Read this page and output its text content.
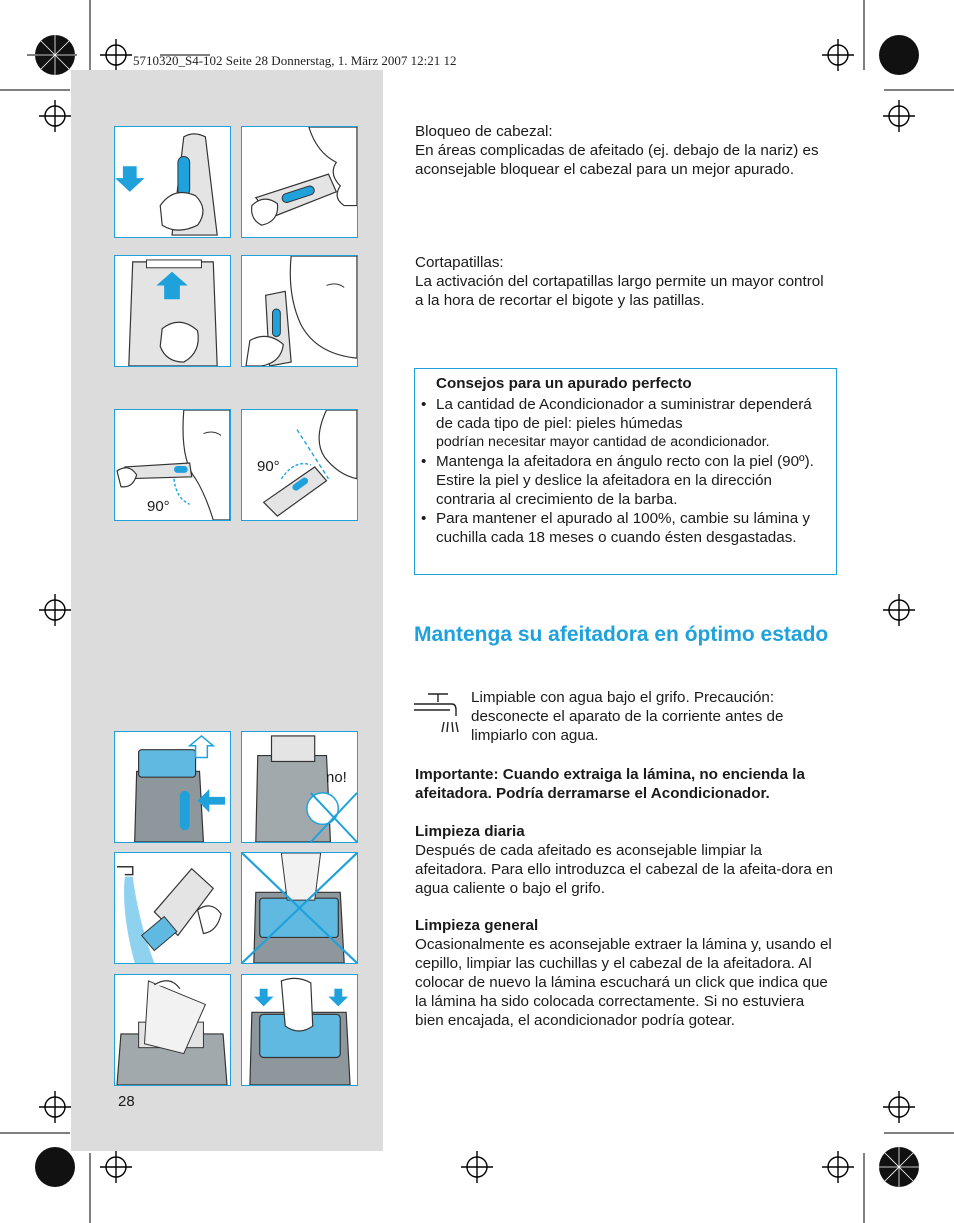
5710320_S4-102 Seite 28 Donnerstag, 1. März 2007 12:21 12
90°
90°
no!

Bloqueo de cabezal:

En áreas complicadas de afeitado (ej. debajo de la nariz) es aconsejable bloquear el cabezal para un mejor apurado.

Cortapatillas:

La activación del cortapatillas largo permite un mayor control a la hora de recortar el bigote y las patillas.

Consejos para un apurado perfecto
• La cantidad de Acondicionador a suministrar dependerá de cada tipo de piel: pieles húmedas
podrían necesitar mayor cantidad de acondicionador.
• Mantenga la afeitadora en ángulo recto con la piel (90º). Estire la piel y deslice la afeitadora en la dirección contraria al crecimiento de la barba.
• Para mantener el apurado al 100%, cambie su lámina y cuchilla cada 18 meses o cuando ésten desgastadas.
Mantenga su afeitadora en óptimo estado
Limpiable con agua bajo el grifo. Precaución: desconecte el aparato de la corriente antes de limpiarlo con agua.
Importante: Cuando extraiga la lámina, no encienda la afeitadora. Podría derramarse el Acondicionador.

Limpieza diaria

Después de cada afeitado es aconsejable limpiar la afeitadora. Para ello introduzca el cabezal de la afeita-dora en agua caliente o bajo el grifo.

Limpieza general

Ocasionalmente es aconsejable extraer la lámina y, usando el cepillo, limpiar las cuchillas y el cabezal de la afeitadora. Al colocar de nuevo la lámina escuchará un click que indica que la lámina ha sido colocada correctamente. Si no estuviera bien encajada, el acondicionador podría gotear.

28
